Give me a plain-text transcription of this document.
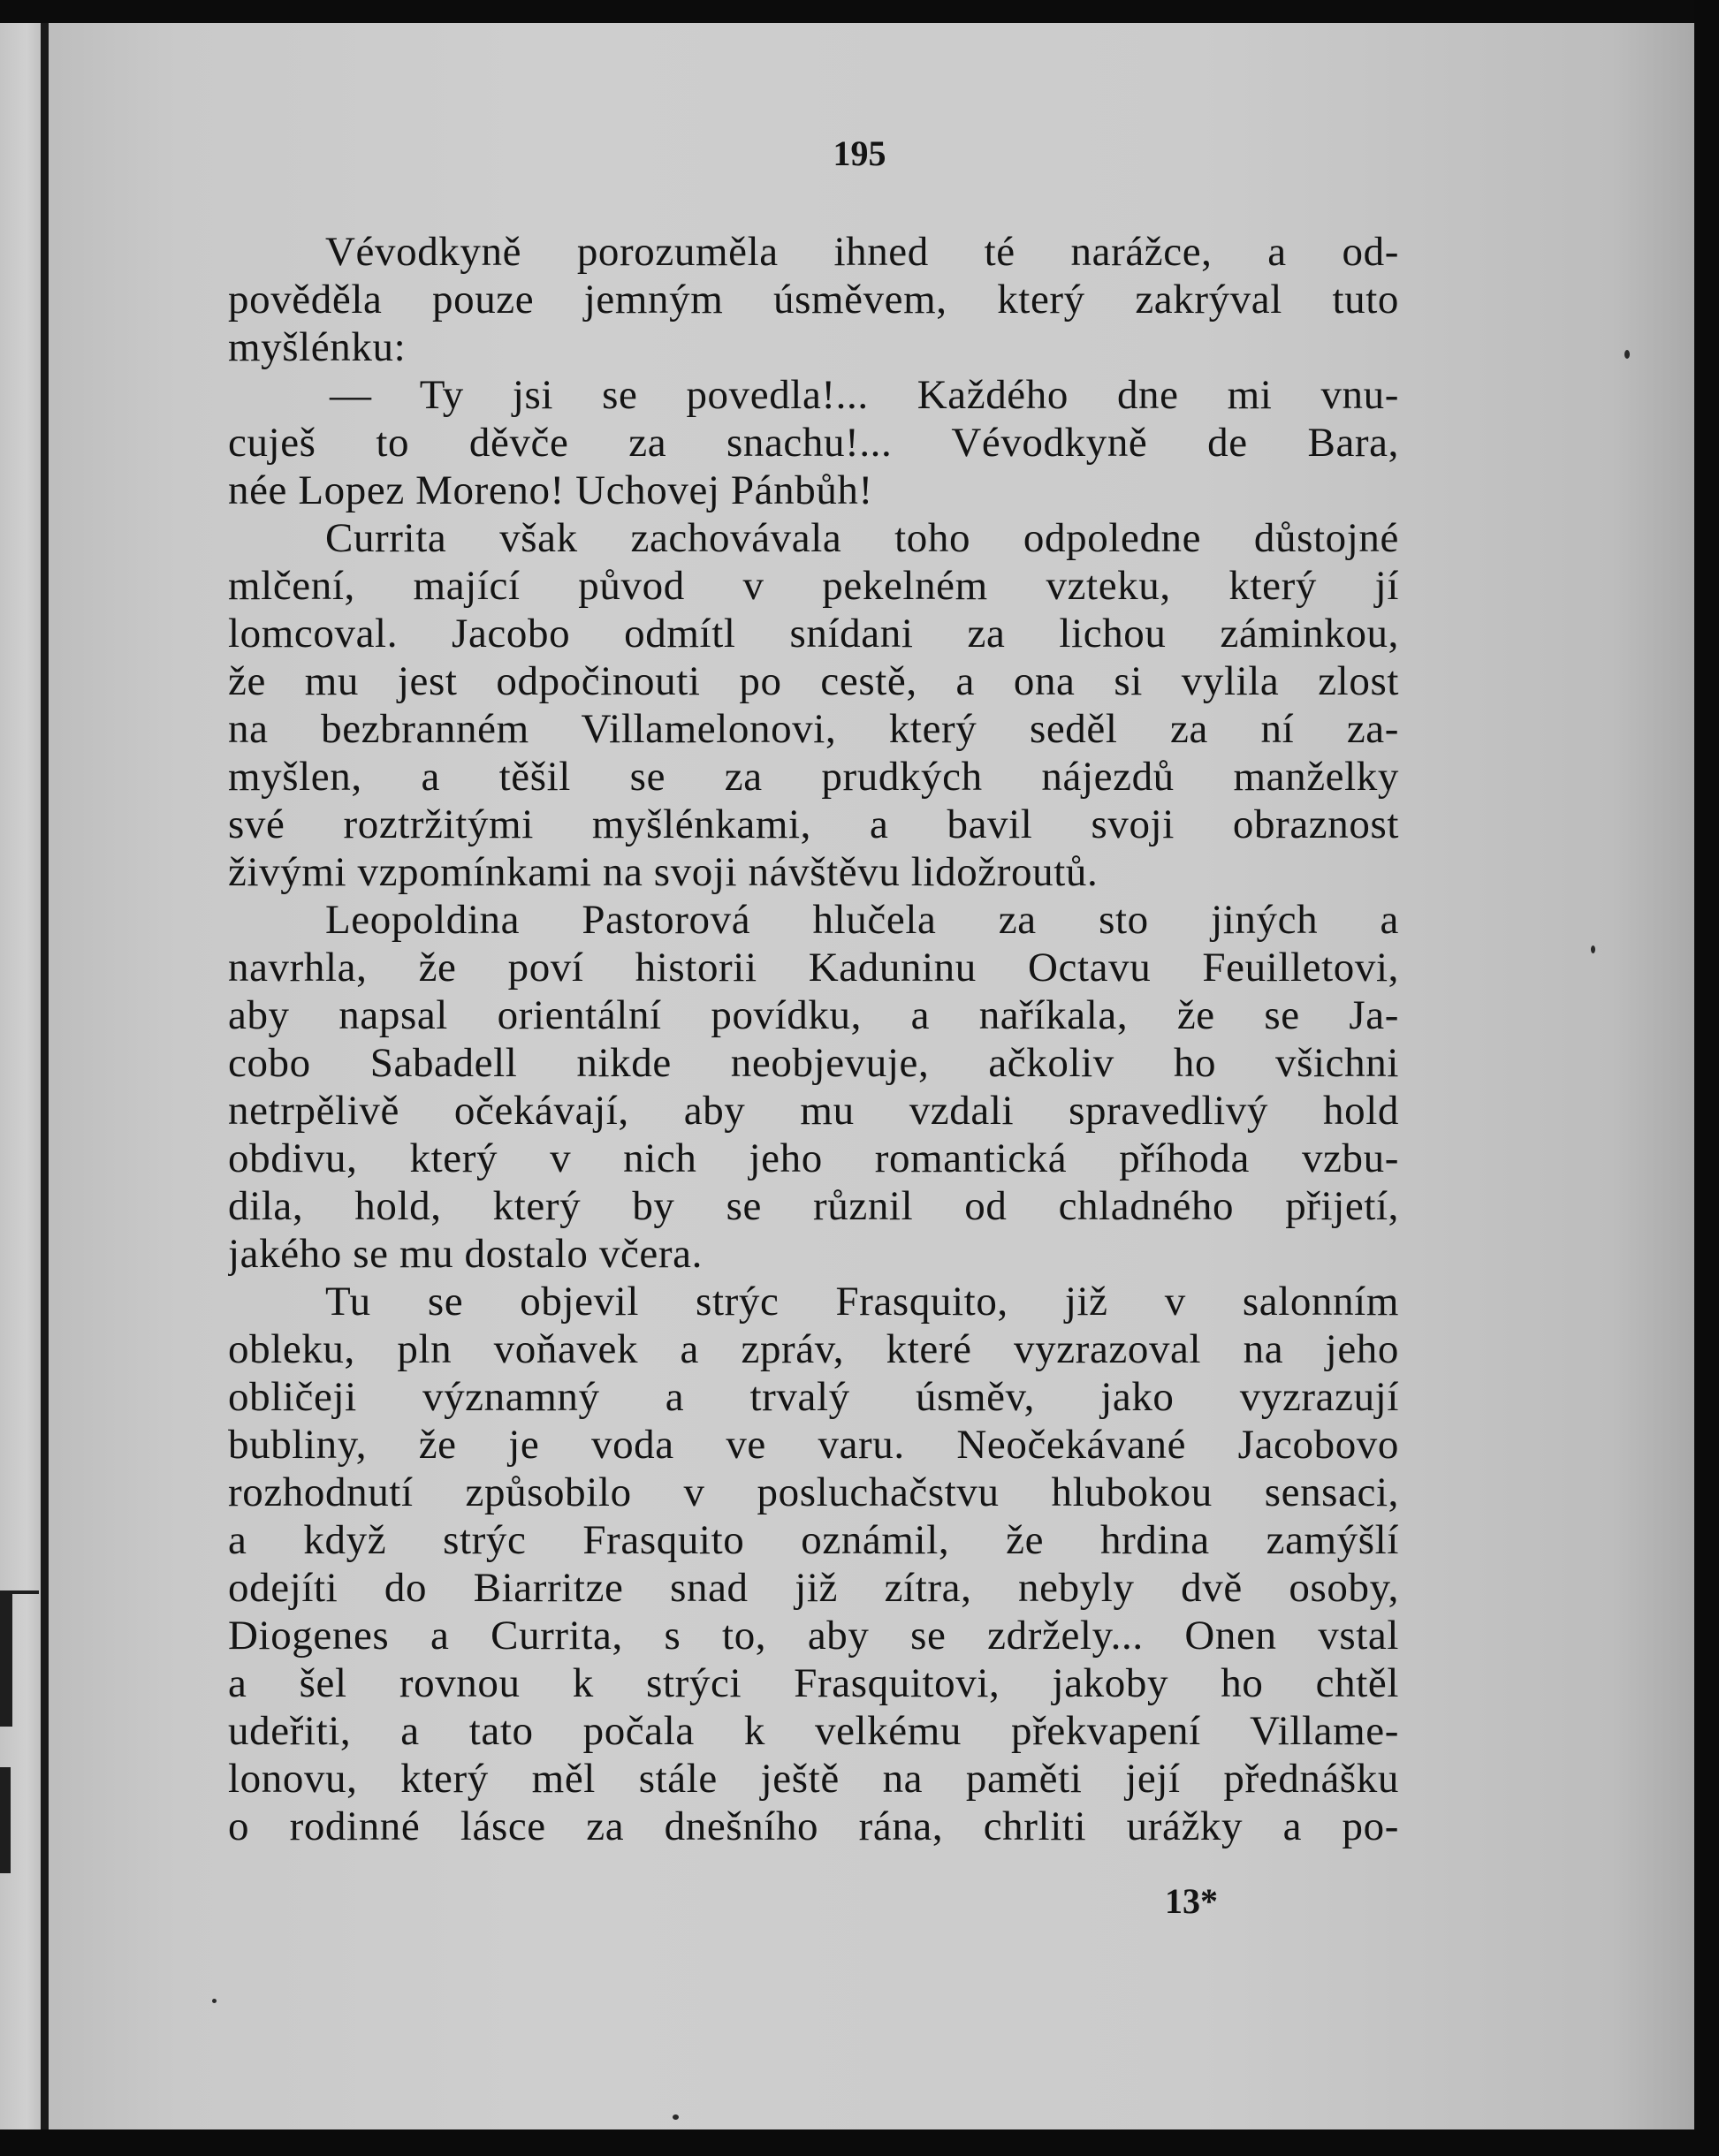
195
Vévodkyně porozuměla ihned té narážce, a od-
pověděla pouze jemným úsměvem, který zakrýval tuto
myšlénku:
— Ty jsi se povedla!... Každého dne mi vnu-
cuješ to děvče za snachu!... Vévodkyně de Bara,
née Lopez Moreno! Uchovej Pánbůh!
Currita však zachovávala toho odpoledne důstojné
mlčení, mající původ v pekelném vzteku, který jí
lomcoval. Jacobo odmítl snídani za lichou záminkou,
že mu jest odpočinouti po cestě, a ona si vylila zlost
na bezbranném Villamelonovi, který seděl za ní za-
myšlen, a těšil se za prudkých nájezdů manželky
své roztržitými myšlénkami, a bavil svoji obraznost
živými vzpomínkami na svoji návštěvu lidožroutů.
Leopoldina Pastorová hlučela za sto jiných a
navrhla, že poví historii Kaduninu Octavu Feuilletovi,
aby napsal orientální povídku, a naříkala, že se Ja-
cobo Sabadell nikde neobjevuje, ačkoliv ho všichni
netrpělivě očekávají, aby mu vzdali spravedlivý hold
obdivu, který v nich jeho romantická příhoda vzbu-
dila, hold, který by se různil od chladného přijetí,
jakého se mu dostalo včera.
Tu se objevil strýc Frasquito, již v salonním
obleku, pln voňavek a zpráv, které vyzrazoval na jeho
obličeji významný a trvalý úsměv, jako vyzrazují
bubliny, že je voda ve varu. Neočekávané Jacobovo
rozhodnutí způsobilo v posluchačstvu hlubokou sensaci,
a když strýc Frasquito oznámil, že hrdina zamýšlí
odejíti do Biarritze snad již zítra, nebyly dvě osoby,
Diogenes a Currita, s to, aby se zdržely... Onen vstal
a šel rovnou k strýci Frasquitovi, jakoby ho chtěl
udeřiti, a tato počala k velkému překvapení Villame-
lonovu, který měl stále ještě na paměti její přednášku
o rodinné lásce za dnešního rána, chrliti urážky a po-
13*
